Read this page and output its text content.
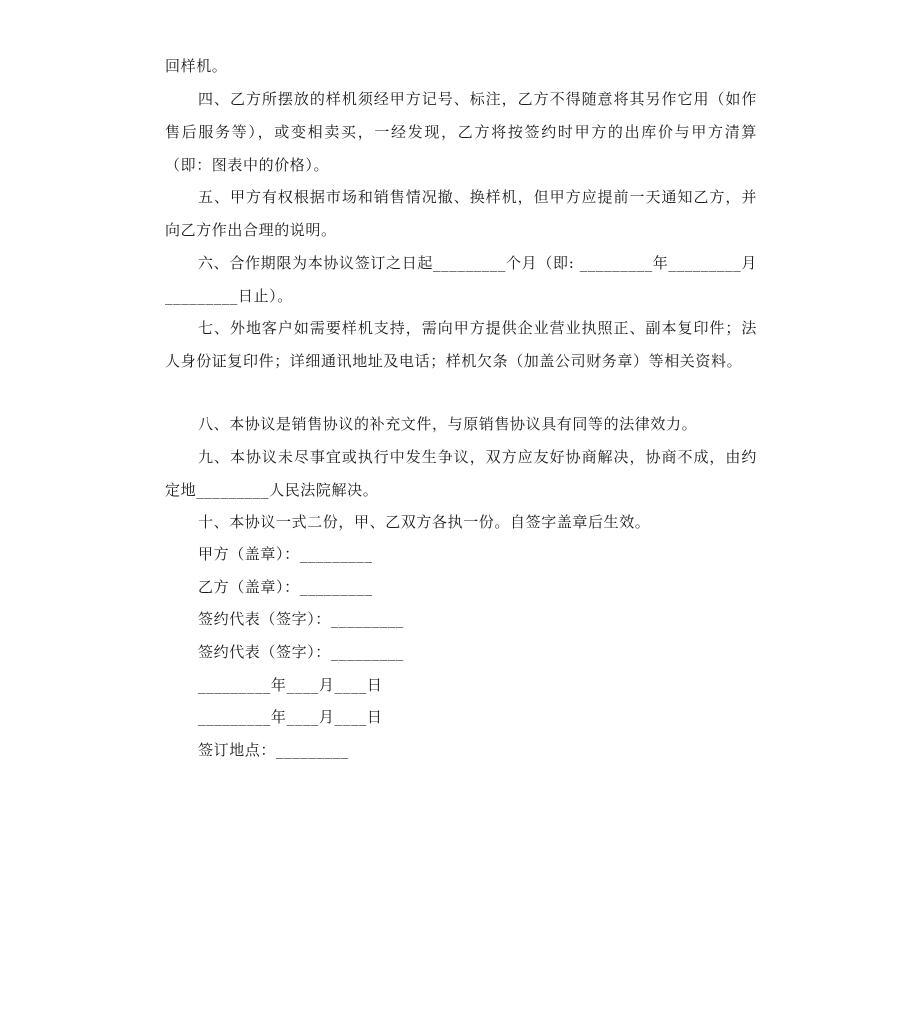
回样机。

四、乙方所摆放的样机须经甲方记号、标注，乙方不得随意将其另作它用（如作售后服务等），或变相卖买，一经发现，乙方将按签约时甲方的出库价与甲方清算（即：图表中的价格）。

五、甲方有权根据市场和销售情况撤、换样机，但甲方应提前一天通知乙方，并向乙方作出合理的说明。

六、合作期限为本协议签订之日起_________个月（即: _________年_________月_________日止）。

七、外地客户如需要样机支持，需向甲方提供企业营业执照正、副本复印件；法人身份证复印件；详细通讯地址及电话；样机欠条（加盖公司财务章）等相关资料。

八、本协议是销售协议的补充文件，与原销售协议具有同等的法律效力。

九、本协议未尽事宜或执行中发生争议，双方应友好协商解决，协商不成，由约定地_________人民法院解决。

十、本协议一式二份，甲、乙双方各执一份。自签字盖章后生效。

甲方（盖章）：_________

乙方（盖章）：_________

签约代表（签字）：_________

签约代表（签字）：_________

_________年____月____日

_________年____月____日

签订地点：_________
